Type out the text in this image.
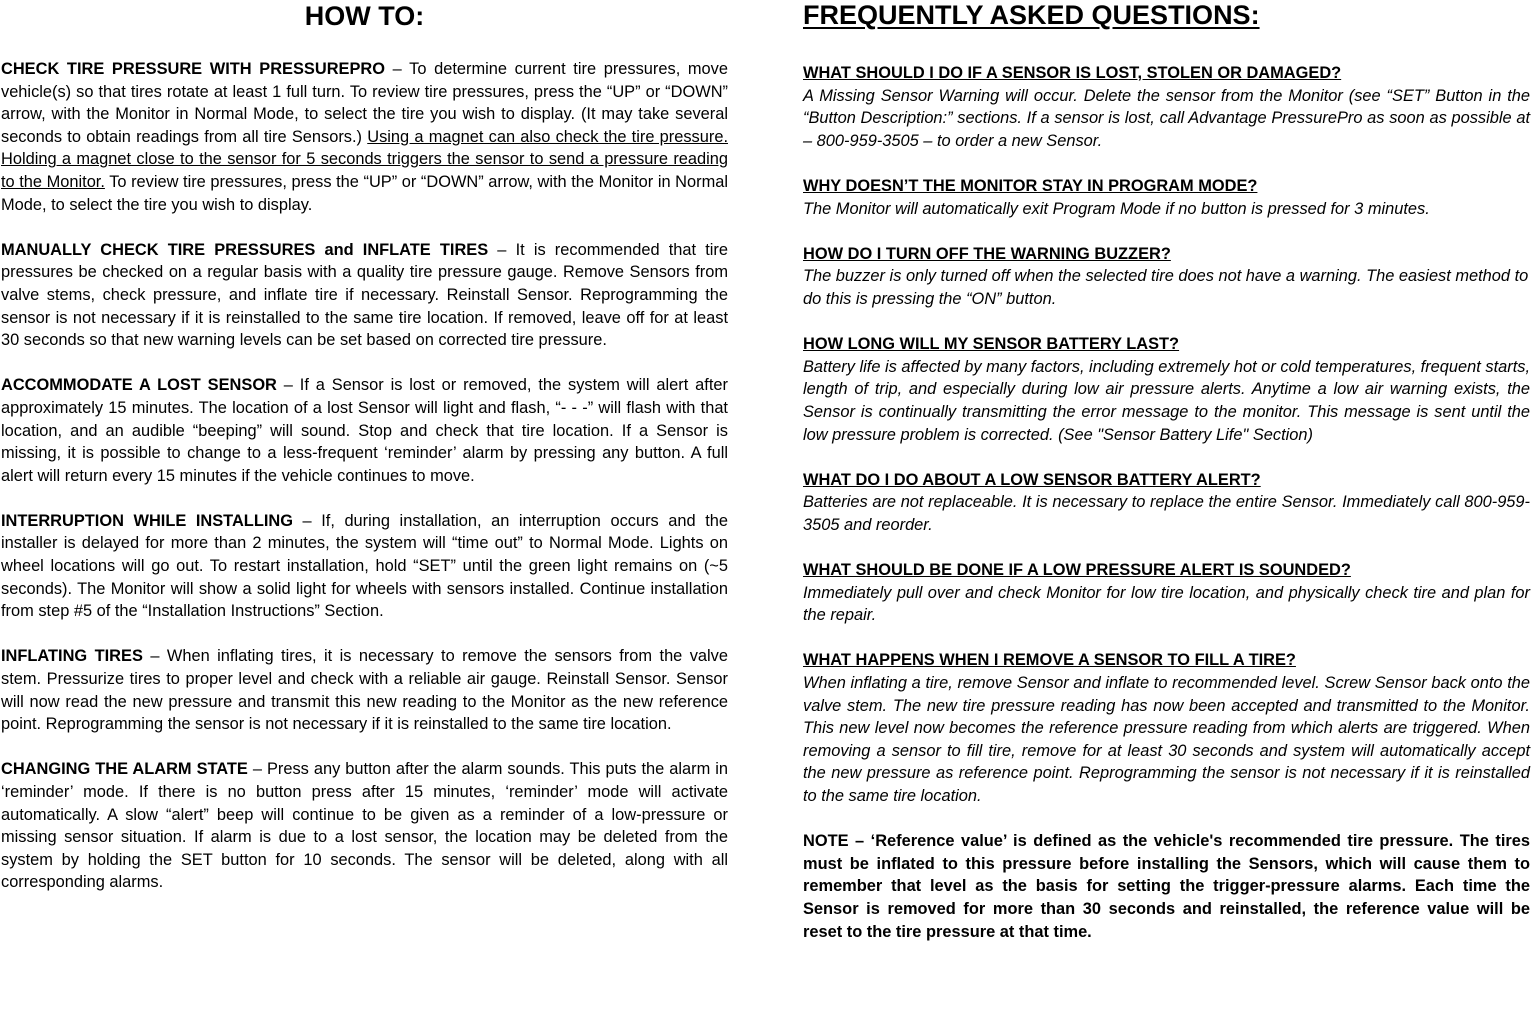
HOW TO:

CHECK TIRE PRESSURE WITH PRESSUREPRO – To determine current tire pressures, move vehicle(s) so that tires rotate at least 1 full turn. To review tire pressures, press the “UP” or “DOWN” arrow, with the Monitor in Normal Mode, to select the tire you wish to display. (It may take several seconds to obtain readings from all tire Sensors.) Using a magnet can also check the tire pressure. Holding a magnet close to the sensor for 5 seconds triggers the sensor to send a pressure reading to the Monitor. To review tire pressures, press the “UP” or “DOWN” arrow, with the Monitor in Normal Mode, to select the tire you wish to display.

MANUALLY CHECK TIRE PRESSURES and INFLATE TIRES – It is recommended that tire pressures be checked on a regular basis with a quality tire pressure gauge. Remove Sensors from valve stems, check pressure, and inflate tire if necessary. Reinstall Sensor. Reprogramming the sensor is not necessary if it is reinstalled to the same tire location. If removed, leave off for at least 30 seconds so that new warning levels can be set based on corrected tire pressure.

ACCOMMODATE A LOST SENSOR – If a Sensor is lost or removed, the system will alert after approximately 15 minutes. The location of a lost Sensor will light and flash, “- - -” will flash with that location, and an audible “beeping” will sound. Stop and check that tire location. If a Sensor is missing, it is possible to change to a less-frequent ‘reminder’ alarm by pressing any button. A full alert will return every 15 minutes if the vehicle continues to move.

INTERRUPTION WHILE INSTALLING – If, during installation, an interruption occurs and the installer is delayed for more than 2 minutes, the system will “time out” to Normal Mode. Lights on wheel locations will go out. To restart installation, hold “SET” until the green light remains on (~5 seconds). The Monitor will show a solid light for wheels with sensors installed. Continue installation from step #5 of the “Installation Instructions” Section.

INFLATING TIRES – When inflating tires, it is necessary to remove the sensors from the valve stem. Pressurize tires to proper level and check with a reliable air gauge. Reinstall Sensor. Sensor will now read the new pressure and transmit this new reading to the Monitor as the new reference point. Reprogramming the sensor is not necessary if it is reinstalled to the same tire location.

CHANGING THE ALARM STATE – Press any button after the alarm sounds. This puts the alarm in ‘reminder’ mode. If there is no button press after 15 minutes, ‘reminder’ mode will activate automatically. A slow “alert” beep will continue to be given as a reminder of a low-pressure or missing sensor situation. If alarm is due to a lost sensor, the location may be deleted from the system by holding the SET button for 10 seconds. The sensor will be deleted, along with all corresponding alarms.

FREQUENTLY ASKED QUESTIONS:
WHAT SHOULD I DO IF A SENSOR IS LOST, STOLEN OR DAMAGED?
A Missing Sensor Warning will occur. Delete the sensor from the Monitor (see “SET” Button in the “Button Description:” sections. If a sensor is lost, call Advantage PressurePro as soon as possible at – 800-959-3505 – to order a new Sensor.
WHY DOESN’T THE MONITOR STAY IN PROGRAM MODE?
The Monitor will automatically exit Program Mode if no button is pressed for 3 minutes.
HOW DO I TURN OFF THE WARNING BUZZER?
The buzzer is only turned off when the selected tire does not have a warning. The easiest method to do this is pressing the “ON” button.
HOW LONG WILL MY SENSOR BATTERY LAST?
Battery life is affected by many factors, including extremely hot or cold temperatures, frequent starts, length of trip, and especially during low air pressure alerts. Anytime a low air warning exists, the Sensor is continually transmitting the error message to the monitor. This message is sent until the low pressure problem is corrected. (See "Sensor Battery Life" Section)
WHAT DO I DO ABOUT A LOW SENSOR BATTERY ALERT?
Batteries are not replaceable. It is necessary to replace the entire Sensor. Immediately call 800-959-3505 and reorder.
WHAT SHOULD BE DONE IF A LOW PRESSURE ALERT IS SOUNDED?
Immediately pull over and check Monitor for low tire location, and physically check tire and plan for the repair.
WHAT HAPPENS WHEN I REMOVE A SENSOR TO FILL A TIRE?
When inflating a tire, remove Sensor and inflate to recommended level. Screw Sensor back onto the valve stem. The new tire pressure reading has now been accepted and transmitted to the Monitor. This new level now becomes the reference pressure reading from which alerts are triggered. When removing a sensor to fill tire, remove for at least 30 seconds and system will automatically accept the new pressure as reference point. Reprogramming the sensor is not necessary if it is reinstalled to the same tire location.

NOTE – ‘Reference value’ is defined as the vehicle's recommended tire pressure. The tires must be inflated to this pressure before installing the Sensors, which will cause them to remember that level as the basis for setting the trigger-pressure alarms. Each time the Sensor is removed for more than 30 seconds and reinstalled, the reference value will be reset to the tire pressure at that time.
